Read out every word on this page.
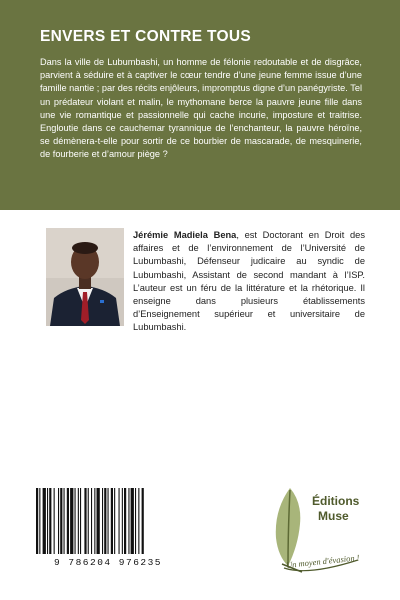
ENVERS ET CONTRE TOUS

Dans la ville de Lubumbashi, un homme de félonie redoutable et de disgrâce, parvient à séduire et à captiver le cœur tendre d’une jeune femme issue d’une famille nantie ; par des récits enjôleurs, impromptus digne d’un panégyriste. Tel un prédateur violant et malin, le mythomane berce la pauvre jeune fille dans une vie romantique et passionnelle qui cache incurie, imposture et traitrise. Engloutie dans ce cauchemar tyrannique de l’enchanteur, la pauvre héroïne, se démènera-t-elle pour sortir de ce bourbier de mascarade, de mesquinerie, de fourberie et d’amour piège ?

Jérémie Madiela Bena, est Doctorant en Droit des affaires et de l’environnement de l’Université de Lubumbashi, Défenseur judicaire au syndic de Lubumbashi, Assistant de second mandant à l’ISP. L’auteur est un féru de la littérature et la rhétorique. Il enseigne dans plusieurs établissements d’Enseignement supérieur et universitaire de Lubumbashi.

9 786204 976235
Éditions
Muse
Un moyen d'évasion !
